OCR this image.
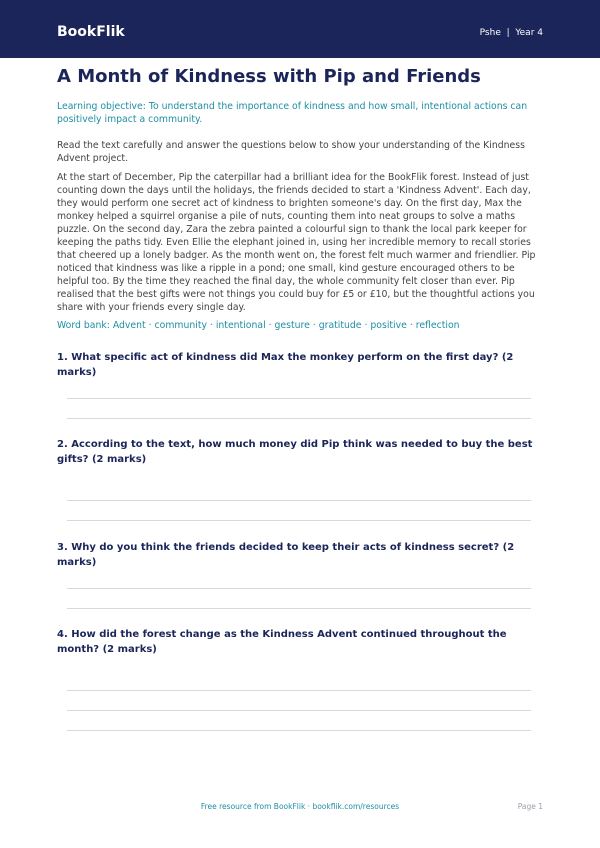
BookFlik	Pshe  |  Year 4
A Month of Kindness with Pip and Friends
Learning objective: To understand the importance of kindness and how small, intentional actions can positively impact a community.
Read the text carefully and answer the questions below to show your understanding of the Kindness Advent project.
At the start of December, Pip the caterpillar had a brilliant idea for the BookFlik forest. Instead of just counting down the days until the holidays, the friends decided to start a 'Kindness Advent'. Each day, they would perform one secret act of kindness to brighten someone's day. On the first day, Max the monkey helped a squirrel organise a pile of nuts, counting them into neat groups to solve a maths puzzle. On the second day, Zara the zebra painted a colourful sign to thank the local park keeper for keeping the paths tidy. Even Ellie the elephant joined in, using her incredible memory to recall stories that cheered up a lonely badger. As the month went on, the forest felt much warmer and friendlier. Pip noticed that kindness was like a ripple in a pond; one small, kind gesture encouraged others to be helpful too. By the time they reached the final day, the whole community felt closer than ever. Pip realised that the best gifts were not things you could buy for £5 or £10, but the thoughtful actions you share with your friends every single day.
Word bank: Advent · community · intentional · gesture · gratitude · positive · reflection
1. What specific act of kindness did Max the monkey perform on the first day? (2 marks)
2. According to the text, how much money did Pip think was needed to buy the best gifts? (2 marks)
3. Why do you think the friends decided to keep their acts of kindness secret? (2 marks)
4. How did the forest change as the Kindness Advent continued throughout the month? (2 marks)
Free resource from BookFlik · bookflik.com/resources	Page 1
